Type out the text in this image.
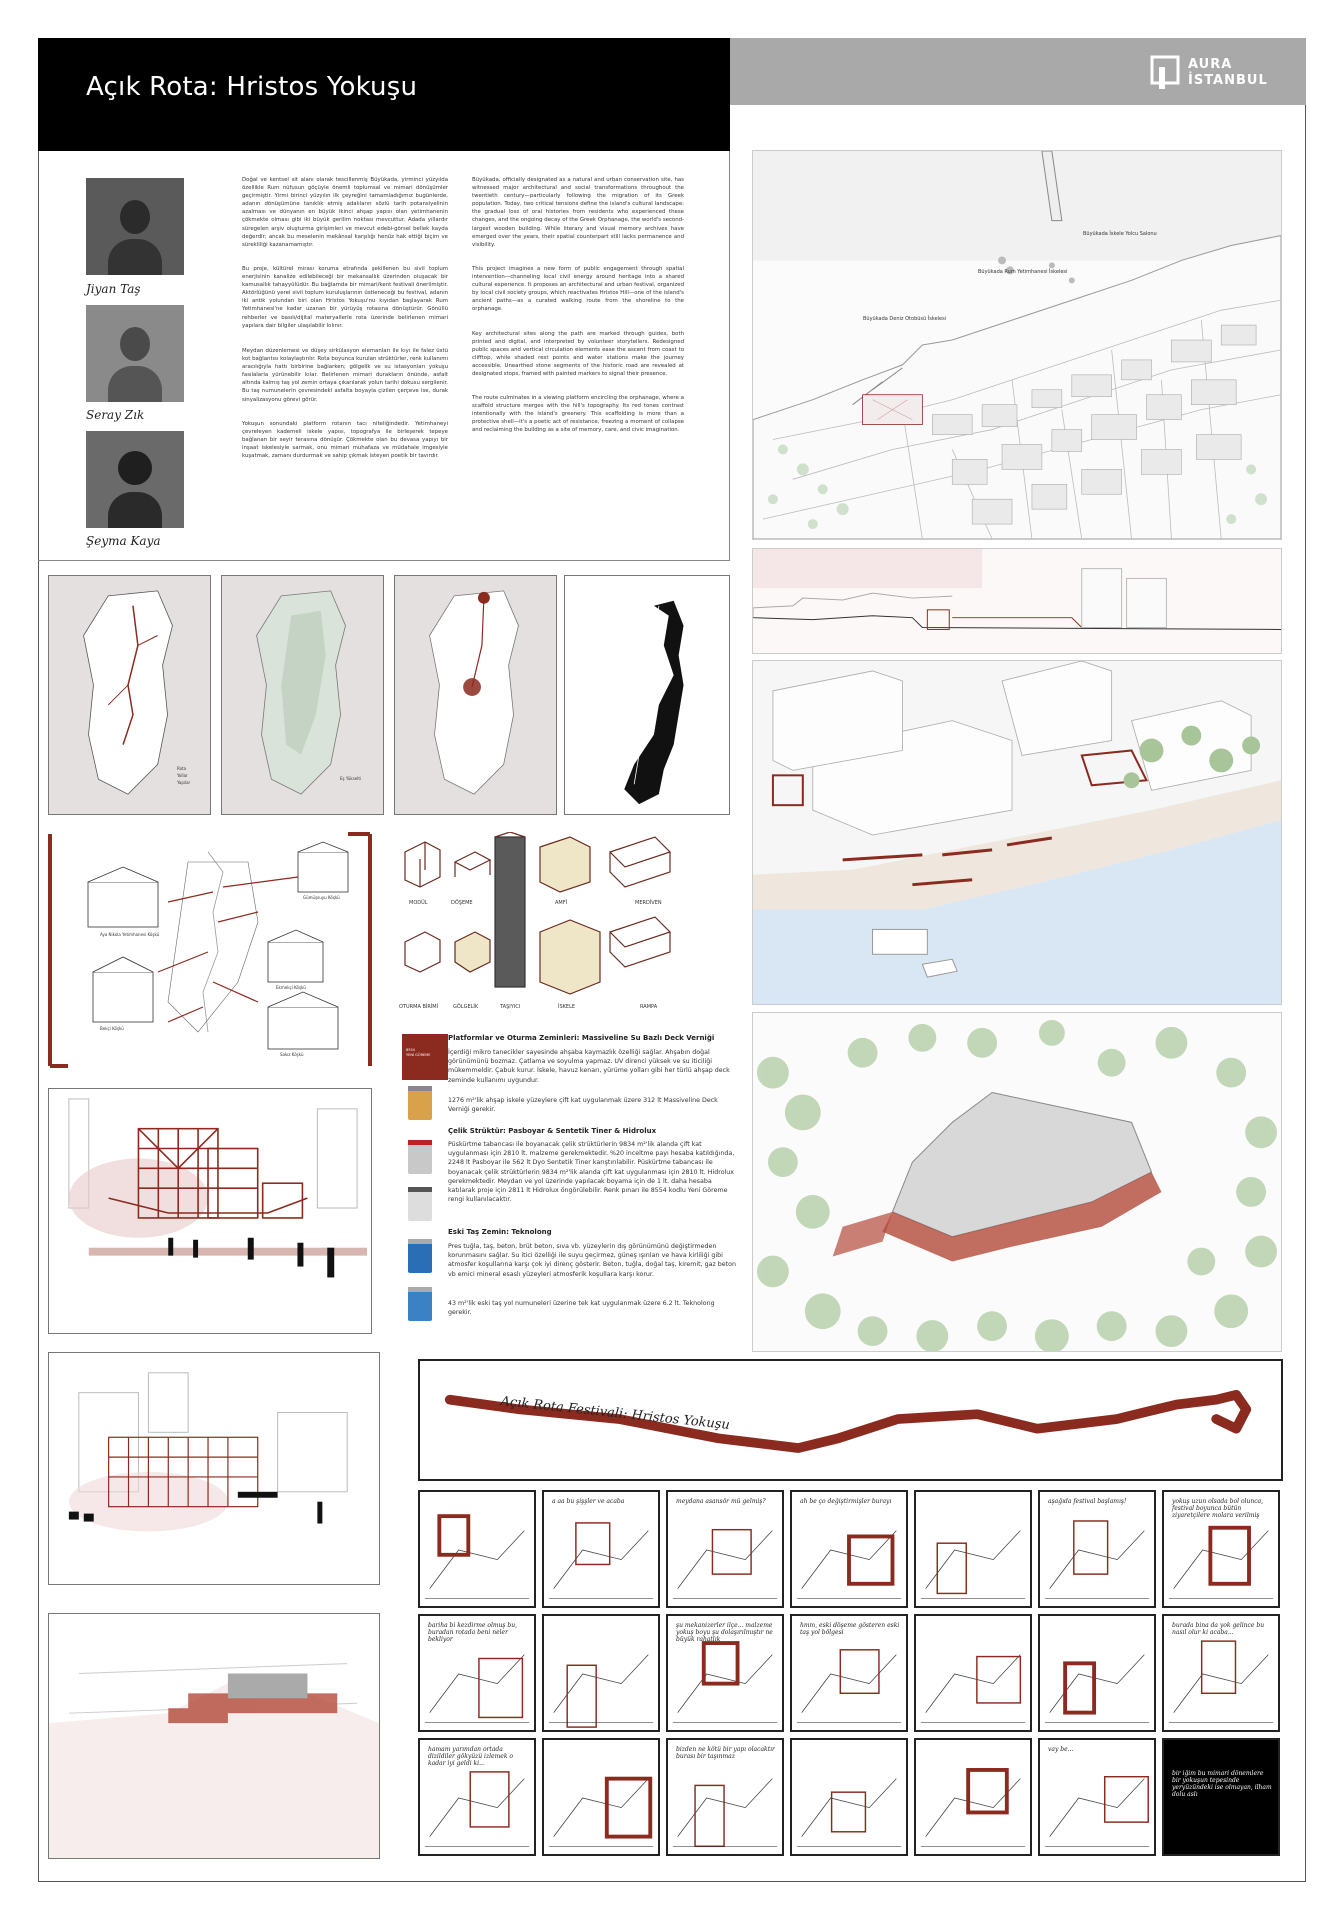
Açık Rota: Hristos Yokuşu
AURA
İSTANBUL
Jiyan Taş
Seray Zık
Şeyma Kaya

Doğal ve kentsel sit alanı olarak tescillenmiş Büyükada, yirminci yüzyılda özellikle Rum nüfusun göçüyle önemli toplumsal ve mimari dönüşümler geçirmiştir. Yirmi birinci yüzyılın ilk çeyreğini tamamladığımız bugünlerde, adanın dönüşümüne tanıklık etmiş adalıların sözlü tarih potansiyelinin azalması ve dünyanın en büyük ikinci ahşap yapısı olan yetimhanenin çökmekte olması gibi iki büyük gerilim noktası mevcuttur. Adada yıllardır süregelen arşiv oluşturma girişimleri ve mevcut edebi-görsel bellek kayda değerdir; ancak bu meselenin mekânsal karşılığı henüz hak ettiği biçim ve sürekliliği kazanamamıştır.

Bu proje, kültürel mirası koruma etrafında şekillenen bu sivil toplum enerjisinin kanalize edilebileceği bir mekansallık üzerinden oluşacak bir kamusallık tahayyülüdür. Bu bağlamda bir mimari/kent festivali önerilmiştir. Aktörlüğünü yerel sivil toplum kuruluşlarının üstleneceği bu festival, adanın iki antik yolundan biri olan Hristos Yokuşu'nu kıyıdan başlayarak Rum Yetimhanesi'ne kadar uzanan bir yürüyüş rotasına dönüştürür. Gönüllü rehberler ve basılı/dijital materyallerle rota üzerinde belirlenen mimari yapılara dair bilgiler ulaşılabilir kılınır.

Meydan düzenlemesi ve düşey sirkülasyon elemanları ile kıyı ile falez üstü kot bağlantısı kolaylaştırılır. Rota boyunca kurulan strüktürler, renk kullanımı aracılığıyla hattı birbirine bağlarken; gölgelik ve su istasyonları yokuşu fasılalarla yürünebilir kılar. Belirlenen mimari durakların önünde, asfalt altında kalmış taş yol zemin ortaya çıkarılarak yolun tarihi dokusu sergilenir. Bu taş numunelerin çevresindeki asfalta boyayla çizilen çerçeve ise, durak sinyalizasyonu görevi görür.

Yokuşun sonundaki platform rotanın tacı niteliğindedir. Yetimhaneyi çevreleyen kademeli iskele yapısı, topografya ile birleşerek tepeye bağlanan bir seyir terasına dönüşür. Çökmekte olan bu devasa yapıyı bir inşaat iskelesiyle sarmak, onu mimari muhafaza ve müdahale imgesiyle kuşatmak, zamanı durdurmak ve sahip çıkmak isteyen poetik bir tavırdır.

Büyükada, officially designated as a natural and urban conservation site, has witnessed major architectural and social transformations throughout the twentieth century—particularly following the migration of its Greek population. Today, two critical tensions define the island's cultural landscape: the gradual loss of oral histories from residents who experienced these changes, and the ongoing decay of the Greek Orphanage, the world's second-largest wooden building. While literary and visual memory archives have emerged over the years, their spatial counterpart still lacks permanence and visibility.

This project imagines a new form of public engagement through spatial intervention—channeling local civil energy around heritage into a shared cultural experience. It proposes an architectural and urban festival, organized by local civil society groups, which reactivates Hristos Hill—one of the island's ancient paths—as a curated walking route from the shoreline to the orphanage.

Key architectural sites along the path are marked through guides, both printed and digital, and interpreted by volunteer storytellers. Redesigned public spaces and vertical circulation elements ease the ascent from coast to clifftop, while shaded rest points and water stations make the journey accessible. Unearthed stone segments of the historic road are revealed at designated stops, framed with painted markers to signal their presence.

The route culminates in a viewing platform encircling the orphanage, where a scaffold structure merges with the hill's topography. Its red tones contrast intentionally with the island's greenery. This scaffolding is more than a protective shell—it's a poetic act of resistance, freezing a moment of collapse and reclaiming the building as a site of memory, care, and civic imagination.

Büyükada İskele Yolcu Salonu
Büyükada Rum Yetimhanesi İskelesi
Büyükada Deniz Otobüsü İskelesi
Rota
Yollar
Yapılar
Eş Yükselti
Aya Nikola Yetimhanesi Köşkü
Gümüşsuyu Köşkü
Ekmekçi Köşkü
Bekçi Köşkü
Sakız Köşkü
MODÜL	DÖŞEME	AMFİ	MERDİVEN
OTURMA BİRİMİ	GÖLGELİK	TAŞIYICI	İSKELE	RAMPA
8554
YENİ GÖREME
Platformlar ve Oturma Zeminleri: Massiveline Su Bazlı Deck Verniği

İçerdiği mikro tanecikler sayesinde ahşaba kaymazlık özelliği sağlar. Ahşabın doğal görünümünü bozmaz. Çatlama ve soyulma yapmaz. UV direnci yüksek ve su iticiliği mükemmeldir. Çabuk kurur. İskele, havuz kenarı, yürüme yolları gibi her türlü ahşap deck zeminde kullanımı uygundur.

1276 m²'lik ahşap iskele yüzeylere çift kat uygulanmak üzere 312 lt Massiveline Deck Verniği gerekir.

Çelik Strüktür: Pasboyar & Sentetik Tiner & Hidrolux

Püskürtme tabancası ile boyanacak çelik strüktürlerin 9834 m²'lik alanda çift kat uygulanması için 2810 lt. malzeme gerekmektedir. %20 inceltme payı hesaba katıldığında, 2248 lt Pasboyar ile 562 lt Dyo Sentetik Tiner karıştırılabilir. Püskürtme tabancası ile boyanacak çelik strüktürlerin 9834 m²'lik alanda çift kat uygulanması için 2810 lt. Hidrolux gerekmektedir. Meydan ve yol üzerinde yapılacak boyama için de 1 lt. daha hesaba katılarak proje için 2811 lt Hidrolux öngörülebilir. Renk pınarı ile 8554 kodlu Yeni Göreme rengi kullanılacaktır.

Eski Taş Zemin: Teknolong

Pres tuğla, taş, beton, brüt beton, sıva vb. yüzeylerin dış görünümünü değiştirmeden korunmasını sağlar. Su itici özelliği ile suyu geçirmez, güneş ışınları ve hava kirliliği gibi atmosfer koşullarına karşı çok iyi direnç gösterir. Beton, tuğla, doğal taş, kiremit, gaz beton vb emici mineral esaslı yüzeyleri atmosferik koşullara karşı korur.

43 m²'lik eski taş yol numuneleri üzerine tek kat uygulanmak üzere 6.2 lt. Teknolong gerekir.

Açık Rota Festivali: Hristos Yokuşu
a aa bu şişşler ve acaba	meydana asansör mü gelmiş?	ah be ço değiştirmişler burayı	aşağıda festival başlamış!	yokuş uzun olsada bol olunca, festival boyunca bütün ziyaretçilere molara verilmiş
bariha bi kezdirme olmuş bu, buradan rotada beni neler bekliyor
şu mekanizerler ilçe... malzeme yokuş boyu şu dolaşırılmıştır ne büyük rahatlık
hmm, eski döşeme gösteren eski taş yol bölgesi
burada bina da yok gelince bu nasıl olur ki acaba...
hamam yarımdan ortada dizildiler gökyüzü izlemek o kadar iyi geldi ki...
bizden ne kötü bir yapı olacaktır burası bir taşınmaz
vay be...
bir iğim bu mimari dönemlere bir yokuşun tepesinde yeryüzündeki ise olmayan, ilham dolu aslı
